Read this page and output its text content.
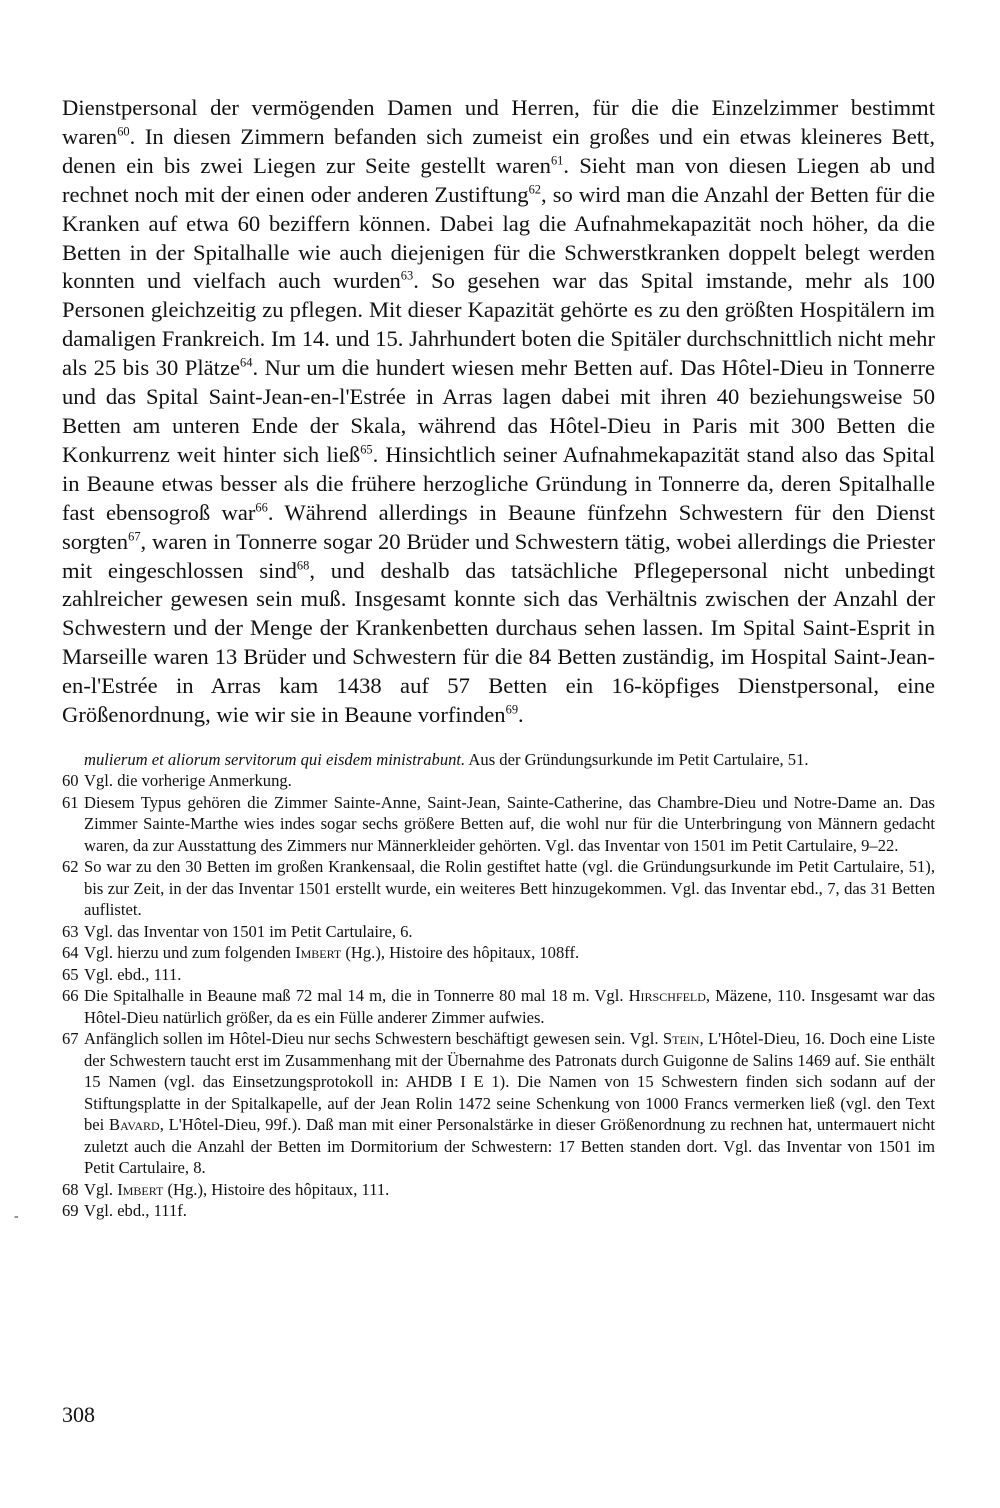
Dienstpersonal der vermögenden Damen und Herren, für die die Einzelzimmer bestimmt waren$^{60}$. In diesen Zimmern befanden sich zumeist ein großes und ein etwas kleineres Bett, denen ein bis zwei Liegen zur Seite gestellt waren$^{61}$. Sieht man von diesen Liegen ab und rechnet noch mit der einen oder anderen Zustiftung$^{62}$, so wird man die Anzahl der Betten für die Kranken auf etwa 60 beziffern können. Dabei lag die Aufnahmekapazität noch höher, da die Betten in der Spitalhalle wie auch diejenigen für die Schwerstkranken doppelt belegt werden konnten und vielfach auch wurden$^{63}$. So gesehen war das Spital imstande, mehr als 100 Personen gleichzeitig zu pflegen. Mit dieser Kapazität gehörte es zu den größten Hospitälern im damaligen Frankreich. Im 14. und 15. Jahrhundert boten die Spitäler durchschnittlich nicht mehr als 25 bis 30 Plätze$^{64}$. Nur um die hundert wiesen mehr Betten auf. Das Hôtel-Dieu in Tonnerre und das Spital Saint-Jean-en-l'Estrée in Arras lagen dabei mit ihren 40 beziehungsweise 50 Betten am unteren Ende der Skala, während das Hôtel-Dieu in Paris mit 300 Betten die Konkurrenz weit hinter sich ließ$^{65}$. Hinsichtlich seiner Aufnahmekapazität stand also das Spital in Beaune etwas besser als die frühere herzogliche Gründung in Tonnerre da, deren Spitalhalle fast ebensogroß war$^{66}$. Während allerdings in Beaune fünfzehn Schwestern für den Dienst sorgten$^{67}$, waren in Tonnerre sogar 20 Brüder und Schwestern tätig, wobei allerdings die Priester mit eingeschlossen sind$^{68}$, und deshalb das tatsächliche Pflegepersonal nicht unbedingt zahlreicher gewesen sein muß. Insgesamt konnte sich das Verhältnis zwischen der Anzahl der Schwestern und der Menge der Krankenbetten durchaus sehen lassen. Im Spital Saint-Esprit in Marseille waren 13 Brüder und Schwestern für die 84 Betten zuständig, im Hospital Saint-Jean-en-l'Estrée in Arras kam 1438 auf 57 Betten ein 16-köpfiges Dienstpersonal, eine Größenordnung, wie wir sie in Beaune vorfinden$^{69}$.

mulierum et aliorum servitorum qui eisdem ministrabunt. Aus der Gründungsurkunde im Petit Cartulaire, 51.
60 Vgl. die vorherige Anmerkung.
61 Diesem Typus gehören die Zimmer Sainte-Anne, Saint-Jean, Sainte-Catherine, das Chambre-Dieu und Notre-Dame an. Das Zimmer Sainte-Marthe wies indes sogar sechs größere Betten auf, die wohl nur für die Unterbringung von Männern gedacht waren, da zur Ausstattung des Zimmers nur Männerkleider gehörten. Vgl. das Inventar von 1501 im Petit Cartulaire, 9–22.
62 So war zu den 30 Betten im großen Krankensaal, die Rolin gestiftet hatte (vgl. die Gründungsurkunde im Petit Cartulaire, 51), bis zur Zeit, in der das Inventar 1501 erstellt wurde, ein weiteres Bett hinzugekommen. Vgl. das Inventar ebd., 7, das 31 Betten auflistet.
63 Vgl. das Inventar von 1501 im Petit Cartulaire, 6.
64 Vgl. hierzu und zum folgenden Imbert (Hg.), Histoire des hôpitaux, 108ff.
65 Vgl. ebd., 111.
66 Die Spitalhalle in Beaune maß 72 mal 14 m, die in Tonnerre 80 mal 18 m. Vgl. Hirschfeld, Mäzene, 110. Insgesamt war das Hôtel-Dieu natürlich größer, da es ein Fülle anderer Zimmer aufwies.
67 Anfänglich sollen im Hôtel-Dieu nur sechs Schwestern beschäftigt gewesen sein. Vgl. Stein, L'Hôtel-Dieu, 16. Doch eine Liste der Schwestern taucht erst im Zusammenhang mit der Übernahme des Patronats durch Guigonne de Salins 1469 auf. Sie enthält 15 Namen (vgl. das Einsetzungsprotokoll in: AHDB I E 1). Die Namen von 15 Schwestern finden sich sodann auf der Stiftungsplatte in der Spitalkapelle, auf der Jean Rolin 1472 seine Schenkung von 1000 Francs vermerken ließ (vgl. den Text bei Bavard, L'Hôtel-Dieu, 99f.). Daß man mit einer Personalstärke in dieser Größenordnung zu rechnen hat, untermauert nicht zuletzt auch die Anzahl der Betten im Dormitorium der Schwestern: 17 Betten standen dort. Vgl. das Inventar von 1501 im Petit Cartulaire, 8.
68 Vgl. Imbert (Hg.), Histoire des hôpitaux, 111.
69 Vgl. ebd., 111f.
-
308
